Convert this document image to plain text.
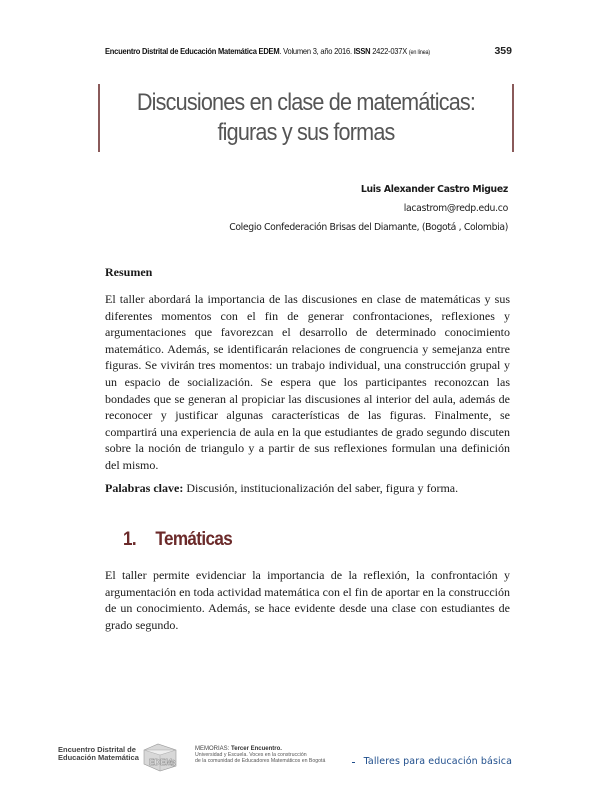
Encuentro Distrital de Educación Matemática EDEM. Volumen 3, año 2016. ISSN 2422-037X (en línea)	359
Discusiones en clase de matemáticas:
figuras y sus formas
Luis Alexander Castro Miguez
lacastrom@redp.edu.co
Colegio Confederación Brisas del Diamante, (Bogotá , Colombia)
Resumen
El taller abordará la importancia de las discusiones en clase de matemáticas y sus diferentes momentos con el fin de generar confrontaciones, reflexiones y argumentaciones que favorezcan el desarrollo de determinado conocimiento matemático. Además, se identificarán relaciones de congruencia y semejanza entre figuras. Se vivirán tres momentos: un trabajo individual, una construcción grupal y un espacio de socialización. Se espera que los participantes reconozcan las bondades que se generan al propiciar las discusiones al interior del aula, además de reconocer y justificar algunas características de las figuras. Finalmente, se compartirá una experiencia de aula en la que estudiantes de grado segundo discuten sobre la noción de triangulo y a partir de sus reflexiones formulan una definición del mismo.
Palabras clave: Discusión, institucionalización del saber, figura y forma.
1. Temáticas
El taller permite evidenciar la importancia de la reflexión, la confrontación y argumentación en toda actividad matemática con el fin de aportar en la construcción de un conocimiento. Además, se hace evidente desde una clase con estudiantes de grado segundo.
Encuentro Distrital de
Educación Matemática
EDEM
3
MEMORIAS: Tercer Encuentro.
Universidad y Escuela. Voces en la construcción
de la comunidad de Educadores Matemáticos en Bogotá	Talleres para educación básica
